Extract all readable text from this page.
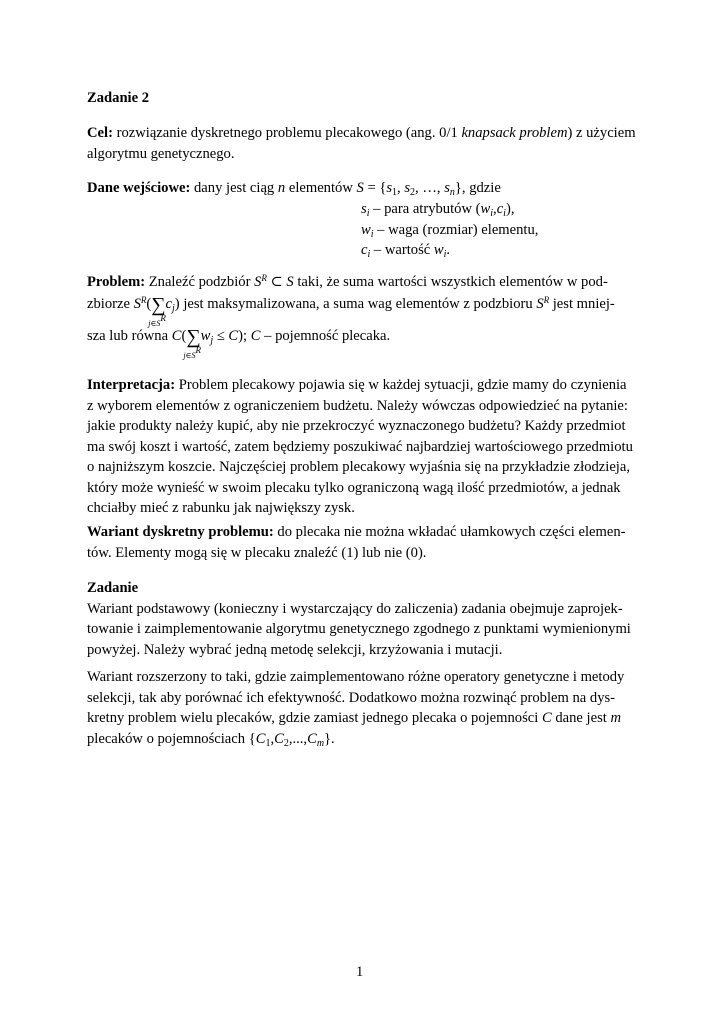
Zadanie 2
Cel: rozwiązanie dyskretnego problemu plecakowego (ang. 0/1 knapsack problem) z użyciem
algorytmu genetycznego.
Dane wejściowe: dany jest ciąg n elementów $S = \{s_1$, $s_2$, …, $s_n$}, gdzie
$s_i$ – para atrybutów $(w_i,c_i)$,
$w_i$ – waga (rozmiar) elementu,
$c_i$ – wartość $w_i$.
Problem: Znaleźć podzbiór $S^R$ ⊂ S taki, że suma wartości wszystkich elementów w pod-
zbiorze $S^R(\sum$
$j\in S^R$
$c_j$) jest maksymalizowana, a suma wag elementów z podzbioru $S^R$ jest mniej-
sza lub równa C(∑
$j\in S^R$
$w_j \le C$); C – pojemność plecaka.
Interpretacja: Problem plecakowy pojawia się w każdej sytuacji, gdzie mamy do czynienia
z wyborem elementów z ograniczeniem budżetu. Należy wówczas odpowiedzieć na pytanie:
jakie produkty należy kupić, aby nie przekroczyć wyznaczonego budżetu? Każdy przedmiot
ma swój koszt i wartość, zatem będziemy poszukiwać najbardziej wartościowego przedmiotu
o najniższym koszcie. Najczęściej problem plecakowy wyjaśnia się na przykładzie złodzieja,
który może wynieść w swoim plecaku tylko ograniczoną wagą ilość przedmiotów, a jednak
chciałby mieć z rabunku jak największy zysk.
Wariant dyskretny problemu: do plecaka nie można wkładać ułamkowych części elemen-
tów. Elementy mogą się w plecaku znaleźć (1) lub nie (0).
Zadanie
Wariant podstawowy (konieczny i wystarczający do zaliczenia) zadania obejmuje zaprojek-
towanie i zaimplementowanie algorytmu genetycznego zgodnego z punktami wymienionymi
powyżej. Należy wybrać jedną metodę selekcji, krzyżowania i mutacji.
Wariant rozszerzony to taki, gdzie zaimplementowano różne operatory genetyczne i metody
selekcji, tak aby porównać ich efektywność. Dodatkowo można rozwinąć problem na dys-
kretny problem wielu plecaków, gdzie zamiast jednego plecaka o pojemności C dane jest m
plecaków o pojemnościach $\{C_1,C_2,...,C_m\}$.
1
